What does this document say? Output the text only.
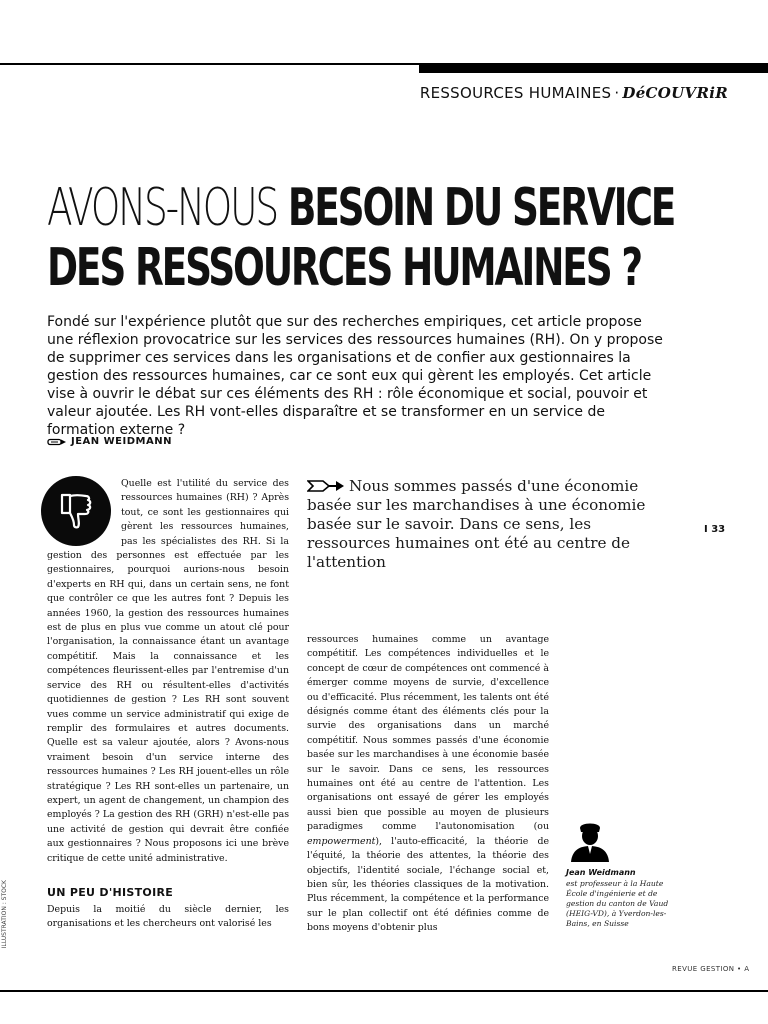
RESSOURCES HUMAINES · DéCOUVRiR
AVONS-NOUS BESOIN DU SERVICE
DES RESSOURCES HUMAINES ?

Fondé sur l'expérience plutôt que sur des recherches empiriques, cet article propose une réflexion provocatrice sur les services des ressources humaines (RH). On y propose de supprimer ces services dans les organisations et de confier aux gestionnaires la gestion des ressources humaines, car ce sont eux qui gèrent les employés. Cet article vise à ouvrir le débat sur ces éléments des RH : rôle économique et social, pouvoir et valeur ajoutée. Les RH vont-elles disparaître et se transformer en un service de formation externe ?

JEAN WEIDMANN

Quelle est l'utilité du service des ressources humaines (RH) ? Après tout, ce sont les gestionnaires qui gèrent les ressources humaines, pas les spécialistes des RH. Si la gestion des personnes est effectuée par les gestionnaires, pourquoi aurions-nous besoin d'experts en RH qui, dans un certain sens, ne font que contrôler ce que les autres font ? Depuis les années 1960, la gestion des ressources humaines est de plus en plus vue comme un atout clé pour l'organisation, la connaissance étant un avantage compétitif. Mais la connaissance et les compétences fleurissent-elles par l'entremise d'un service des RH ou résultent-elles d'activités quotidiennes de gestion ? Les RH sont souvent vues comme un service administratif qui exige de remplir des formulaires et autres documents. Quelle est sa valeur ajoutée, alors ? Avons-nous vraiment besoin d'un service interne des ressources humaines ? Les RH jouent-elles un rôle stratégique ? Les RH sont-elles un partenaire, un expert, un agent de changement, un champion des employés ? La gestion des RH (GRH) n'est-elle pas une activité de gestion qui devrait être confiée aux gestionnaires ? Nous proposons ici une brève critique de cette unité administrative.

UN PEU D'HISTOIRE

Depuis la moitié du siècle dernier, les organisations et les chercheurs ont valorisé les

Nous sommes passés d'une économie basée sur les marchandises à une économie basée sur le savoir. Dans ce sens, les ressources humaines ont été au centre de l'attention

I 33

ressources humaines comme un avantage compétitif. Les compétences individuelles et le concept de cœur de compétences ont commencé à émerger comme moyens de survie, d'excellence ou d'efficacité. Plus récemment, les talents ont été désignés comme étant des éléments clés pour la survie des organisations dans un marché compétitif. Nous sommes passés d'une économie basée sur les marchandises à une économie basée sur le savoir. Dans ce sens, les ressources humaines ont été au centre de l'attention. Les organisations ont essayé de gérer les employés aussi bien que possible au moyen de plusieurs paradigmes comme l'autonomisation (ou empowerment), l'auto-efficacité, la théorie de l'équité, la théorie des attentes, la théorie des objectifs, l'identité sociale, l'échange social et, bien sûr, les théories classiques de la motivation. Plus récemment, la compétence et la performance sur le plan collectif ont été définies comme de bons moyens d'obtenir plus

Jean Weidmann

est professeur à la Haute École d'ingénierie et de gestion du canton de Vaud (HEIG-VD), à Yverdon-les-Bains, en Suisse

ILLUSTRATION : STOCK
REVUE GESTION • A
